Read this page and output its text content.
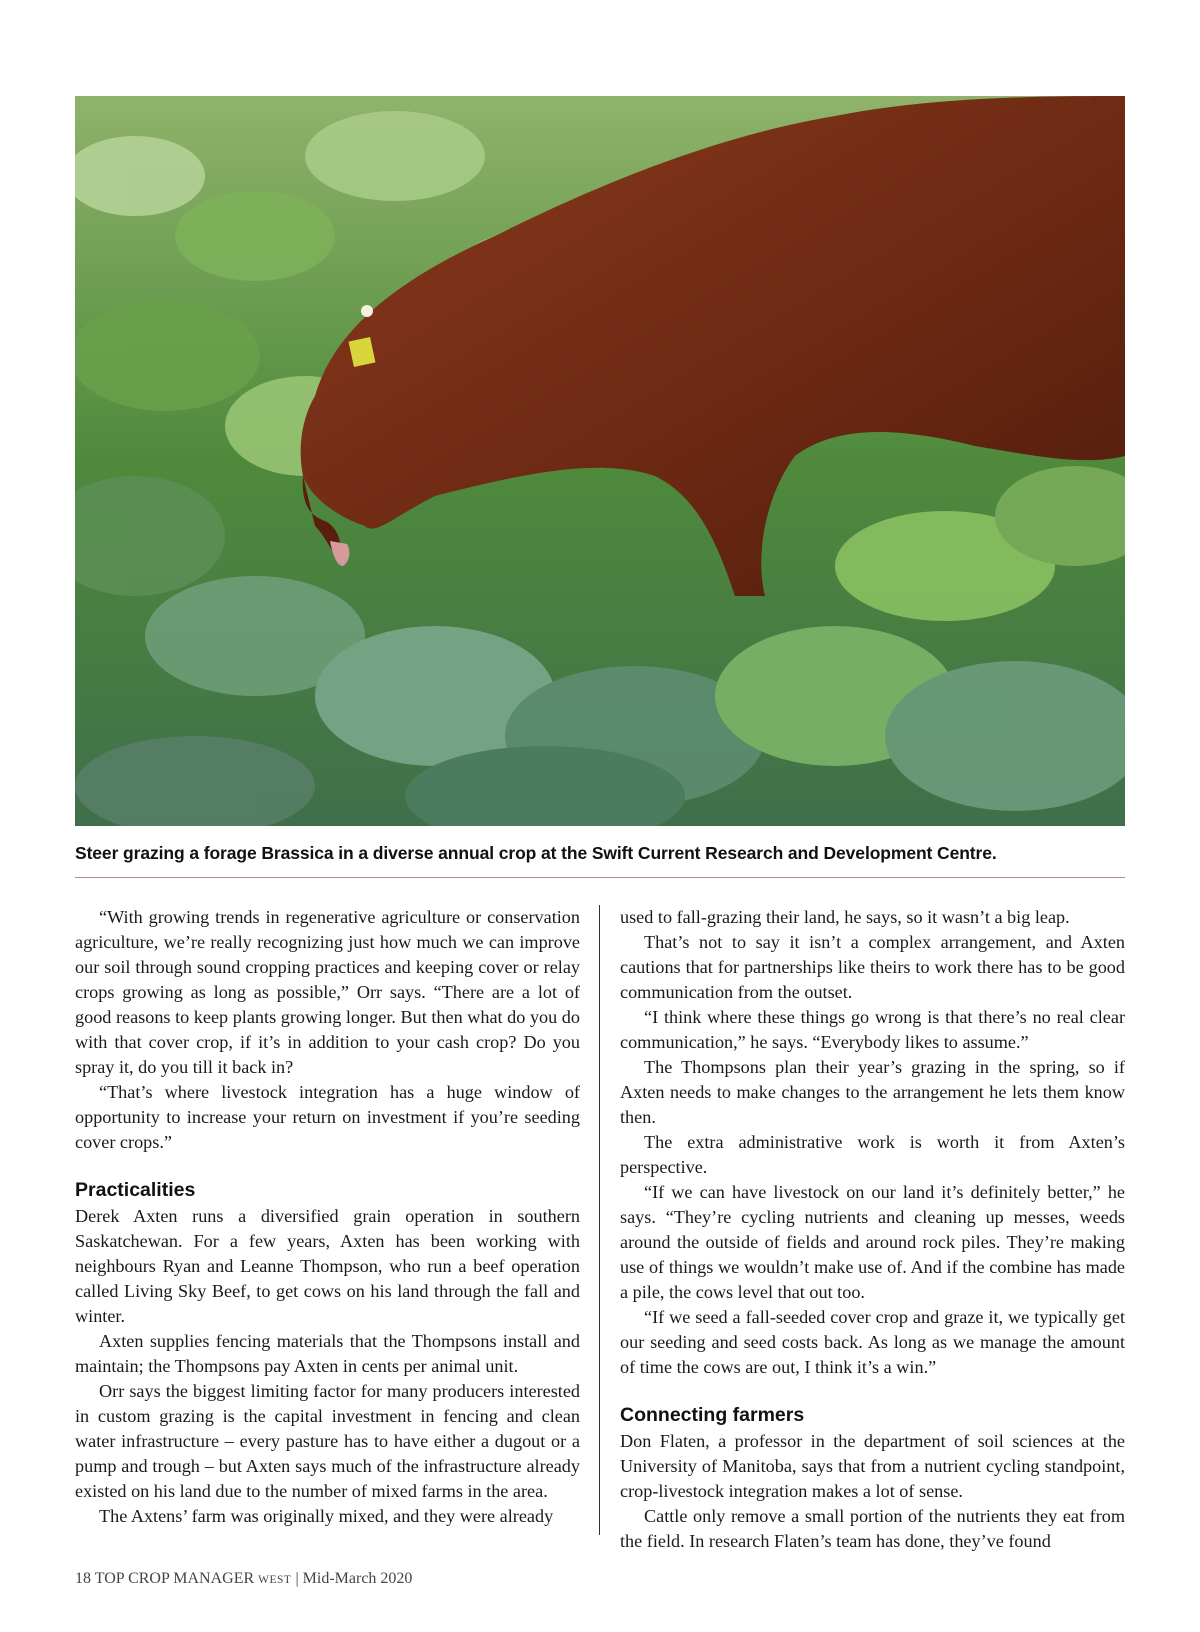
Steer grazing a forage Brassica in a diverse annual crop at the Swift Current Research and Development Centre.

“With growing trends in regenerative agriculture or conservation agriculture, we’re really recognizing just how much we can improve our soil through sound cropping practices and keeping cover or relay crops growing as long as possible,” Orr says. “There are a lot of good reasons to keep plants growing longer. But then what do you do with that cover crop, if it’s in addition to your cash crop? Do you spray it, do you till it back in?

“That’s where livestock integration has a huge window of opportunity to increase your return on investment if you’re seeding cover crops.”

Practicalities

Derek Axten runs a diversified grain operation in southern Saskatchewan. For a few years, Axten has been working with neighbours Ryan and Leanne Thompson, who run a beef operation called Living Sky Beef, to get cows on his land through the fall and winter.

Axten supplies fencing materials that the Thompsons install and maintain; the Thompsons pay Axten in cents per animal unit.

Orr says the biggest limiting factor for many producers interested in custom grazing is the capital investment in fencing and clean water infrastructure – every pasture has to have either a dugout or a pump and trough – but Axten says much of the infrastructure already existed on his land due to the number of mixed farms in the area.

The Axtens’ farm was originally mixed, and they were already

used to fall-grazing their land, he says, so it wasn’t a big leap.

That’s not to say it isn’t a complex arrangement, and Axten cautions that for partnerships like theirs to work there has to be good communication from the outset.

“I think where these things go wrong is that there’s no real clear communication,” he says. “Everybody likes to assume.”

The Thompsons plan their year’s grazing in the spring, so if Axten needs to make changes to the arrangement he lets them know then.

The extra administrative work is worth it from Axten’s perspective.

“If we can have livestock on our land it’s definitely better,” he says. “They’re cycling nutrients and cleaning up messes, weeds around the outside of fields and around rock piles. They’re making use of things we wouldn’t make use of. And if the combine has made a pile, the cows level that out too.

“If we seed a fall-seeded cover crop and graze it, we typically get our seeding and seed costs back. As long as we manage the amount of time the cows are out, I think it’s a win.”

Connecting farmers

Don Flaten, a professor in the department of soil sciences at the University of Manitoba, says that from a nutrient cycling standpoint, crop-livestock integration makes a lot of sense.

Cattle only remove a small portion of the nutrients they eat from the field. In research Flaten’s team has done, they’ve found

18 TOP CROP MANAGER WEST | Mid-March 2020
